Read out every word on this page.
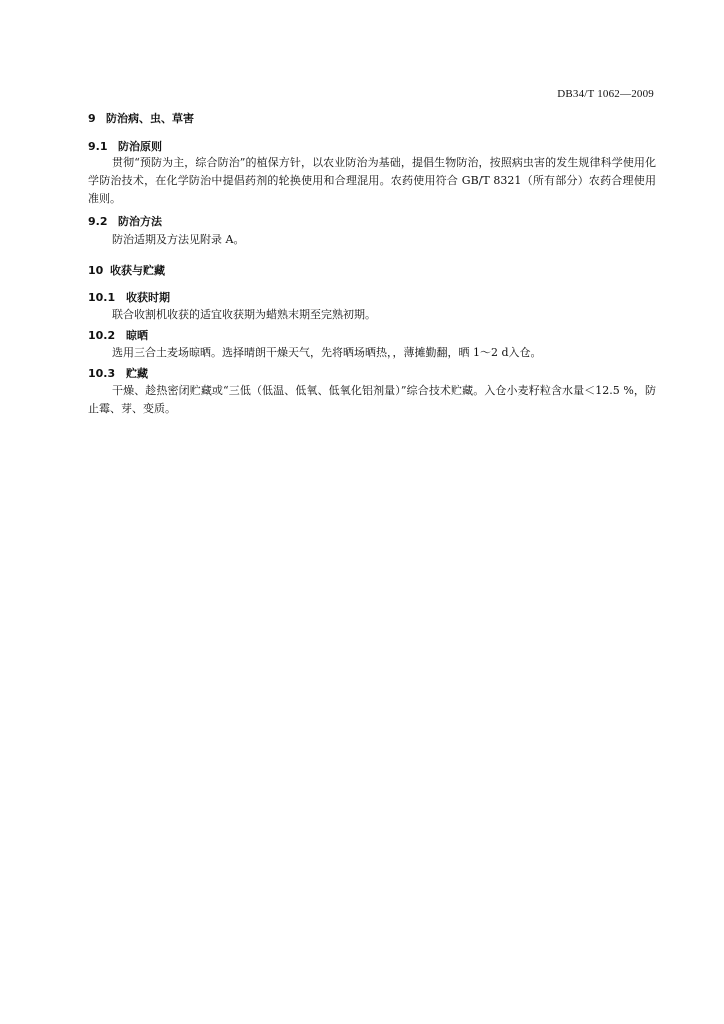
DB34/T 1062—2009
9 防治病、虫、草害
9.1 防治原则
贯彻“预防为主，综合防治”的植保方针，以农业防治为基础，提倡生物防治，按照病虫害的发生规律科学使用化学防治技术，在化学防治中提倡药剂的轮换使用和合理混用。农药使用符合 GB/T 8321（所有部分）农药合理使用准则。
9.2 防治方法
防治适期及方法见附录 A。
10 收获与贮藏
10.1 收获时期
联合收割机收获的适宜收获期为蜡熟末期至完熟初期。
10.2 晾晒
选用三合土麦场晾晒。选择晴朗干燥天气，先将晒场晒热，，薄摊勤翻，晒 1～2 d入仓。
10.3 贮藏
干燥、趁热密闭贮藏或“三低（低温、低氧、低氧化铝剂量）”综合技术贮藏。入仓小麦籽粒含水量＜12.5 %，防止霉、芽、变质。
